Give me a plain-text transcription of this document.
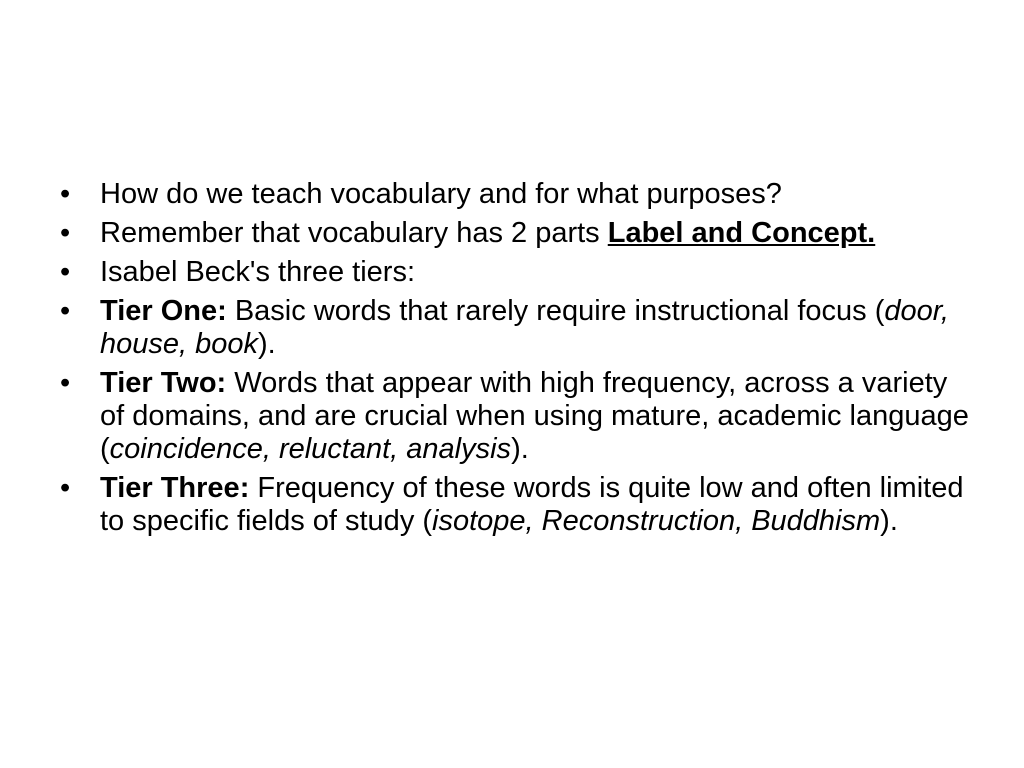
•	How do we teach vocabulary and for what purposes?
•	Remember that vocabulary has 2 parts Label and Concept.
•	Isabel Beck's three tiers:
•	Tier One: Basic words that rarely require instructional focus (door, house, book).
•	Tier Two: Words that appear with high frequency, across a variety of domains, and are crucial when using mature, academic language (coincidence, reluctant, analysis).
•	Tier Three: Frequency of these words is quite low and often limited to specific fields of study (isotope, Reconstruction, Buddhism).
